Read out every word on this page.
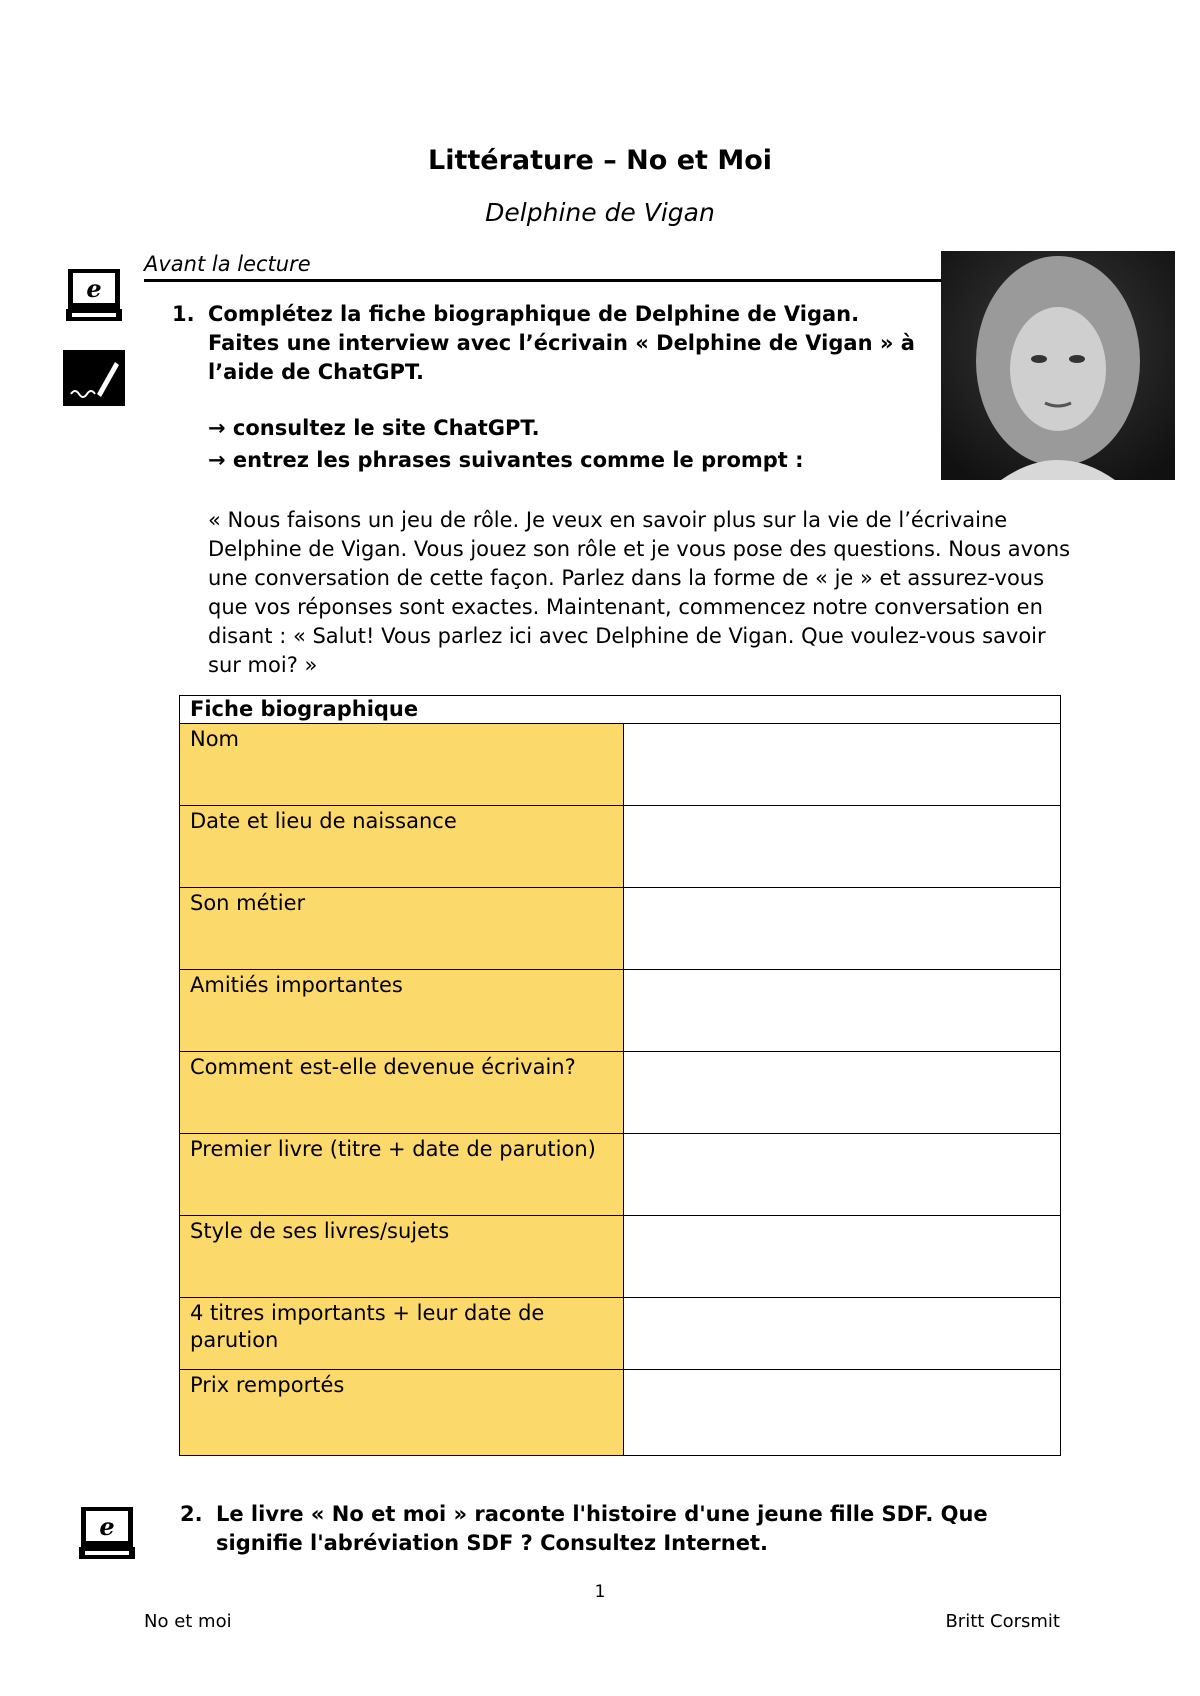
Littérature – No et Moi
Delphine de Vigan
e
Avant la lecture
1. Complétez la fiche biographique de Delphine de Vigan. Faites une interview avec l’écrivain « Delphine de Vigan » à l’aide de ChatGPT.
→ consultez le site ChatGPT.
→ entrez les phrases suivantes comme le prompt :
« Nous faisons un jeu de rôle. Je veux en savoir plus sur la vie de l’écrivaine Delphine de Vigan. Vous jouez son rôle et je vous pose des questions. Nous avons une conversation de cette façon. Parlez dans la forme de « je » et assurez-vous que vos réponses sont exactes. Maintenant, commencez notre conversation en disant : « Salut! Vous parlez ici avec Delphine de Vigan. Que voulez-vous savoir sur moi? »
Fiche biographique	
Nom	
Date et lieu de naissance	
Son métier	
Amitiés importantes	
Comment est-elle devenue écrivain?	
Premier livre (titre + date de parution)	
Style de ses livres/sujets	
4 titres importants + leur date de parution	
Prix remportés	
e	2. Le livre « No et moi » raconte l'histoire d'une jeune fille SDF. Que signifie l'abréviation SDF ? Consultez Internet.
1
No et moi	Britt Corsmit
